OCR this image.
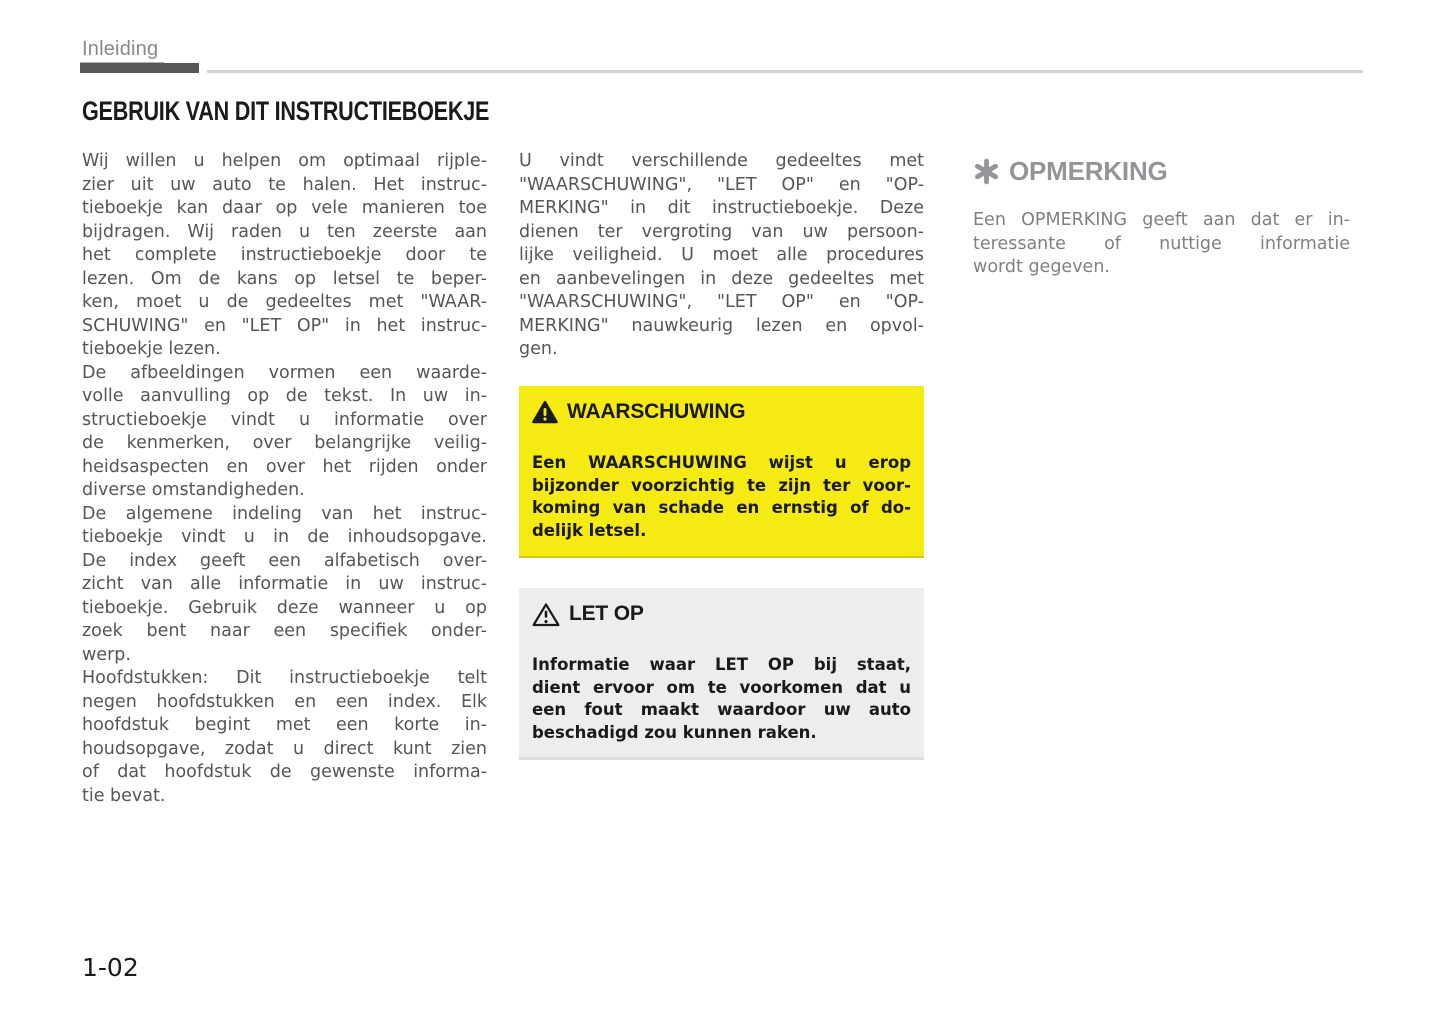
Inleiding
GEBRUIK VAN DIT INSTRUCTIEBOEKJE
Wij willen u helpen om optimaal rijple-
zier uit uw auto te halen. Het instruc-
tieboekje kan daar op vele manieren toe
bijdragen. Wij raden u ten zeerste aan
het complete instructieboekje door te
lezen. Om de kans op letsel te beper-
ken, moet u de gedeeltes met "WAAR-
SCHUWING" en "LET OP" in het instruc-
tieboekje lezen.
De afbeeldingen vormen een waarde-
volle aanvulling op de tekst. In uw in-
structieboekje vindt u informatie over
de kenmerken, over belangrijke veilig-
heidsaspecten en over het rijden onder
diverse omstandigheden.
De algemene indeling van het instruc-
tieboekje vindt u in de inhoudsopgave.
De index geeft een alfabetisch over-
zicht van alle informatie in uw instruc-
tieboekje. Gebruik deze wanneer u op
zoek bent naar een specifiek onder-
werp.
Hoofdstukken: Dit instructieboekje telt
negen hoofdstukken en een index. Elk
hoofdstuk begint met een korte in-
houdsopgave, zodat u direct kunt zien
of dat hoofdstuk de gewenste informa-
tie bevat.
U vindt verschillende gedeeltes met
"WAARSCHUWING", "LET OP" en "OP-
MERKING" in dit instructieboekje. Deze
dienen ter vergroting van uw persoon-
lijke veiligheid. U moet alle procedures
en aanbevelingen in deze gedeeltes met
"WAARSCHUWING", "LET OP" en "OP-
MERKING" nauwkeurig lezen en opvol-
gen.
WAARSCHUWING
Een WAARSCHUWING wijst u erop
bijzonder voorzichtig te zijn ter voor-
koming van schade en ernstig of do-
delijk letsel.
LET OP
Informatie waar LET OP bij staat,
dient ervoor om te voorkomen dat u
een fout maakt waardoor uw auto
beschadigd zou kunnen raken.
OPMERKING
Een OPMERKING geeft aan dat er in-
teressante of nuttige informatie
wordt gegeven.
1-02
